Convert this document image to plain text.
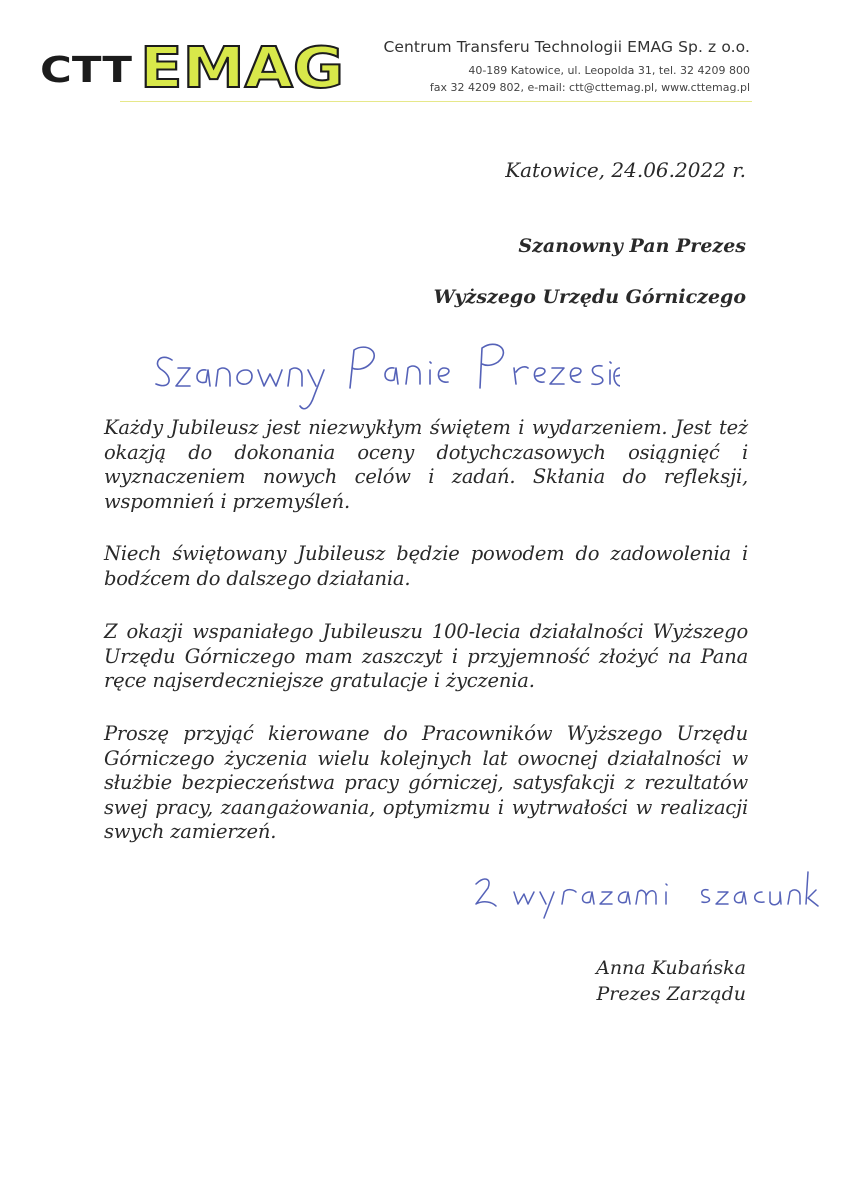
CTT EMAG	Centrum Transferu Technologii EMAG Sp. z o.o.
40-189 Katowice, ul. Leopolda 31, tel. 32 4209 800
fax 32 4209 802, e-mail: ctt@cttemag.pl, www.cttemag.pl
Katowice, 24.06.2022 r.
Szanowny Pan Prezes
Wyższego Urzędu Górniczego
Każdy Jubileusz jest niezwykłym świętem i wydarzeniem. Jest też okazją do dokonania oceny dotychczasowych osiągnięć i wyznaczeniem nowych celów i zadań. Skłania do refleksji, wspomnień i przemyśleń.
Niech świętowany Jubileusz będzie powodem do zadowolenia i bodźcem do dalszego działania.
Z okazji wspaniałego Jubileuszu 100-lecia działalności Wyższego Urzędu Górniczego mam zaszczyt i przyjemność złożyć na Pana ręce najserdeczniejsze gratulacje i życzenia.
Proszę przyjąć kierowane do Pracowników Wyższego Urzędu Górniczego życzenia wielu kolejnych lat owocnej działalności w służbie bezpieczeństwa pracy górniczej, satysfakcji z rezultatów swej pracy, zaangażowania, optymizmu i wytrwałości w realizacji swych zamierzeń.
Anna Kubańska
Prezes Zarządu
